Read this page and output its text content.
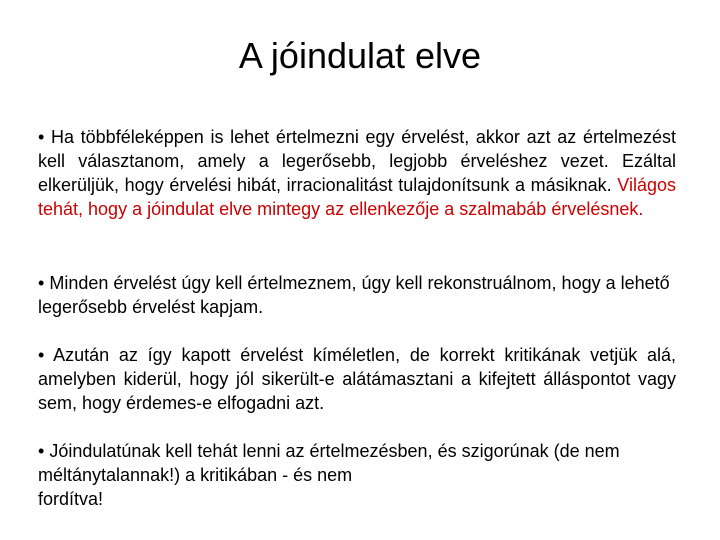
A jóindulat elve

• Ha többféleképpen is lehet értelmezni egy érvelést, akkor azt az értelmezést kell választanom, amely a legerősebb, legjobb érveléshez vezet. Ezáltal elkerüljük, hogy érvelési hibát, irracionalitást tulajdonítsunk a másiknak. Világos tehát, hogy a jóindulat elve mintegy az ellenkezője a szalmabáb érvelésnek.

• Minden érvelést úgy kell értelmeznem, úgy kell rekonstruálnom, hogy a lehető legerősebb érvelést kapjam.

• Azután az így kapott érvelést kíméletlen, de korrekt kritikának vetjük alá, amelyben kiderül, hogy jól sikerült-e alátámasztani a kifejtett álláspontot vagy sem, hogy érdemes-e elfogadni azt.

• Jóindulatúnak kell tehát lenni az értelmezésben, és szigorúnak (de nem méltánytalannak!) a kritikában - és nem
fordítva!
